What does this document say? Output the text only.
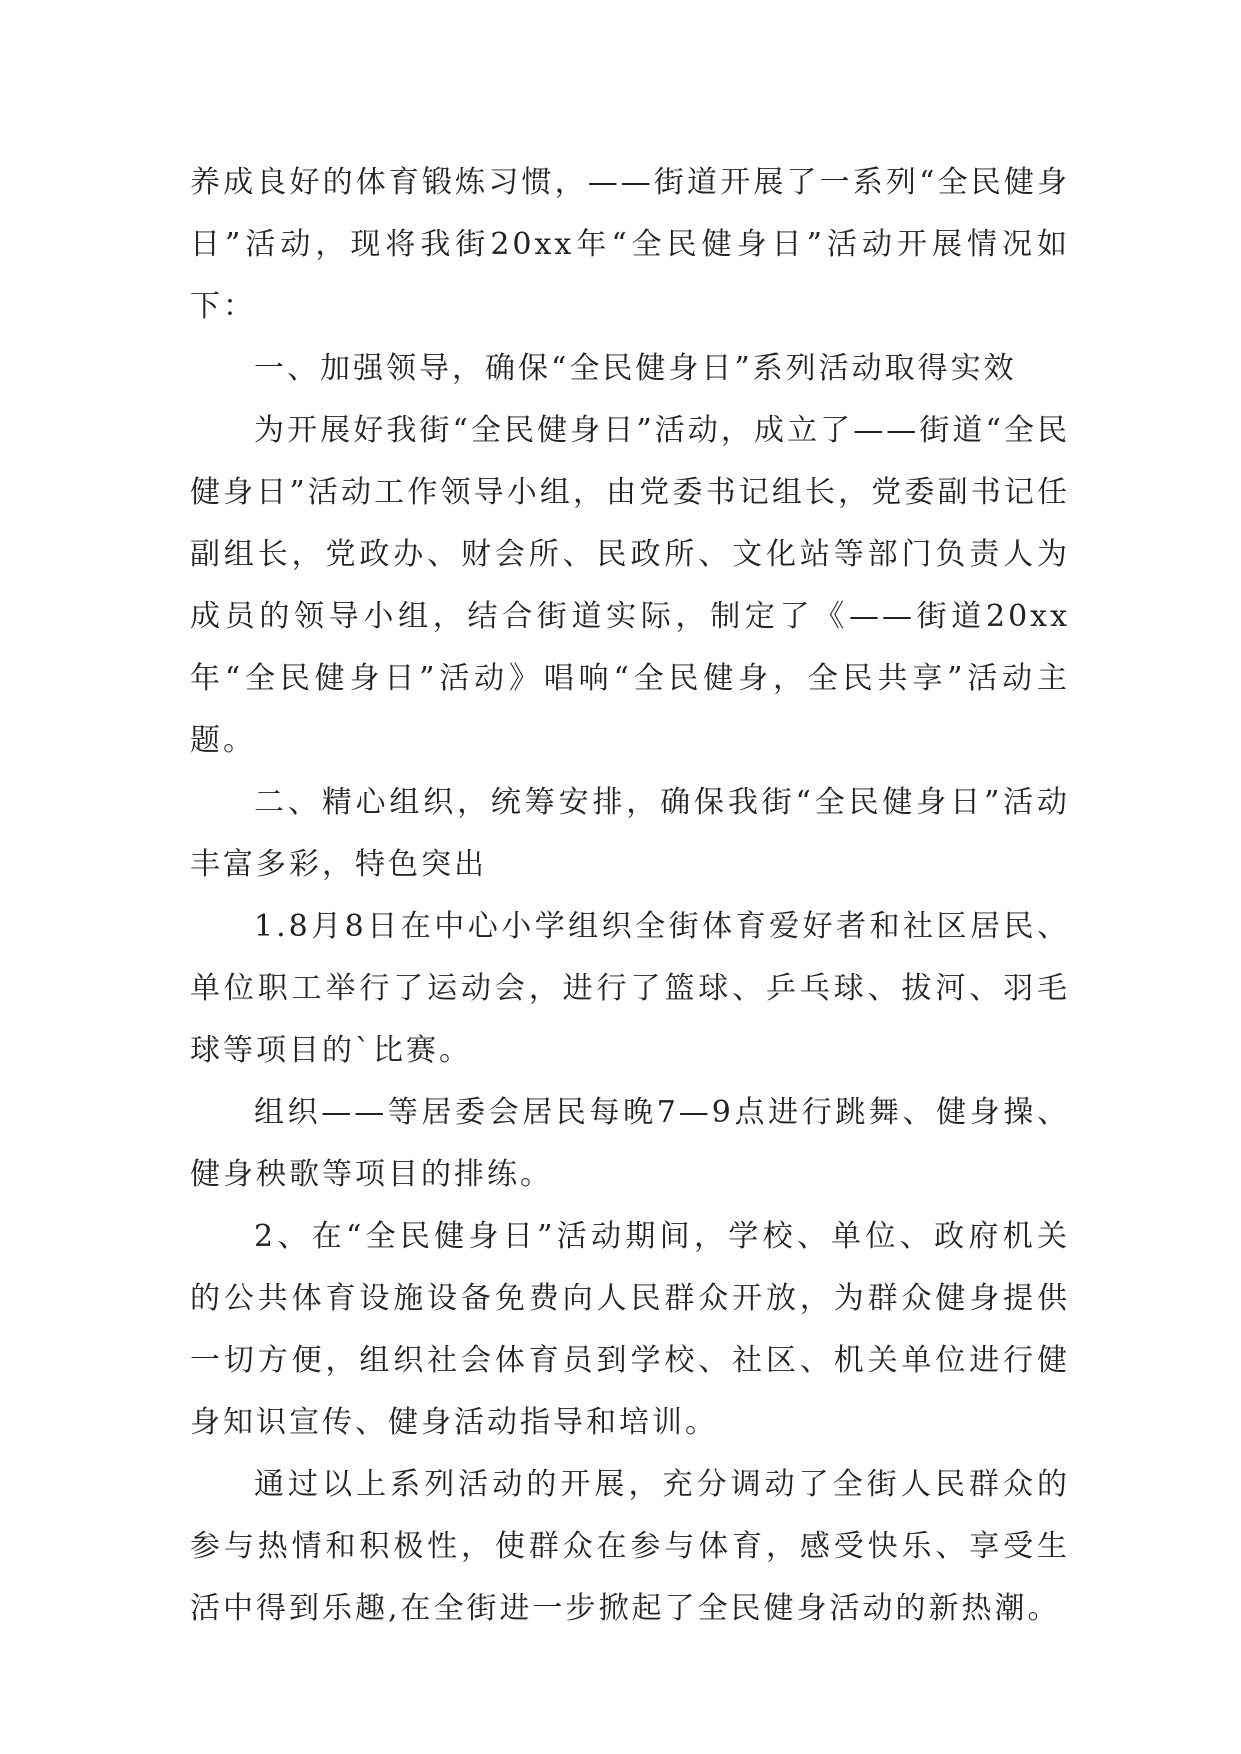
养成良好的体育锻炼习惯，——街道开展了一系列“全民健身日”活动，现将我街20xx年“全民健身日”活动开展情况如下：

一、加强领导，确保“全民健身日”系列活动取得实效

为开展好我街“全民健身日”活动，成立了——街道“全民健身日”活动工作领导小组，由党委书记组长，党委副书记任副组长，党政办、财会所、民政所、文化站等部门负责人为成员的领导小组，结合街道实际，制定了《——街道20xx年“全民健身日”活动》唱响“全民健身，全民共享”活动主题。

二、精心组织，统筹安排，确保我街“全民健身日”活动丰富多彩，特色突出

1.8月8日在中心小学组织全街体育爱好者和社区居民、单位职工举行了运动会，进行了篮球、乒乓球、拔河、羽毛球等项目的`比赛。

组织——等居委会居民每晚7—9点进行跳舞、健身操、健身秧歌等项目的排练。

2、在“全民健身日”活动期间，学校、单位、政府机关的公共体育设施设备免费向人民群众开放，为群众健身提供一切方便，组织社会体育员到学校、社区、机关单位进行健身知识宣传、健身活动指导和培训。

通过以上系列活动的开展，充分调动了全街人民群众的参与热情和积极性，使群众在参与体育，感受快乐、享受生活中得到乐趣,在全街进一步掀起了全民健身活动的新热潮。
